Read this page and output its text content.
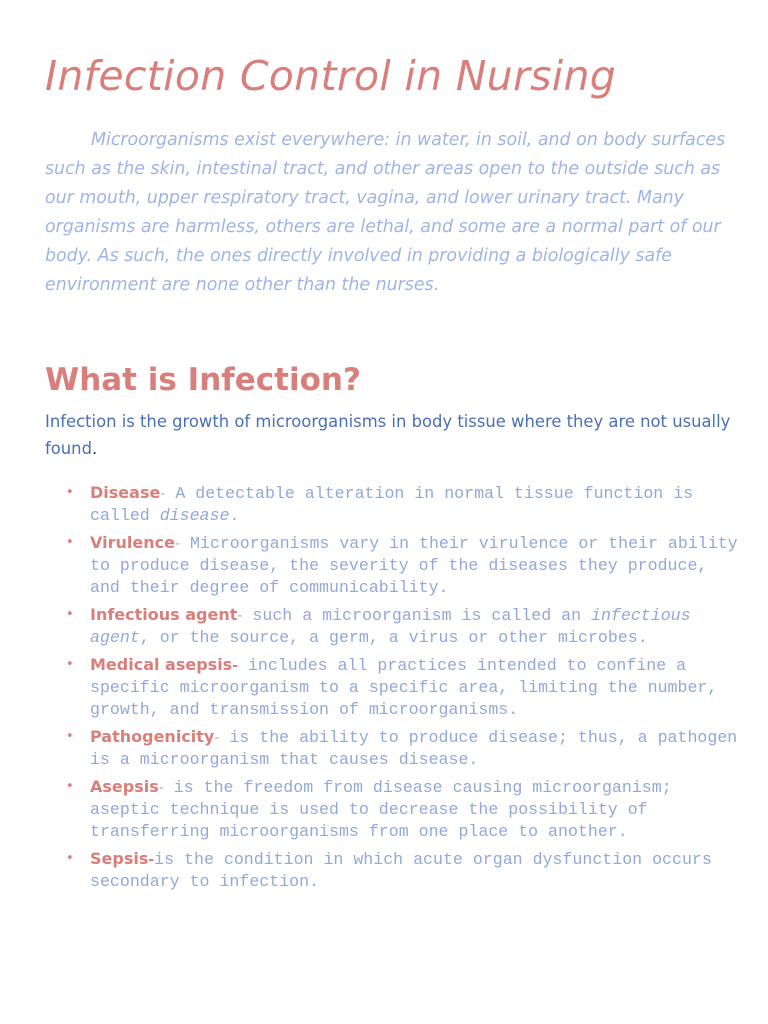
Infection Control in Nursing

Microorganisms exist everywhere: in water, in soil, and on body surfaces such as the skin, intestinal tract, and other areas open to the outside such as our mouth, upper respiratory tract, vagina, and lower urinary tract. Many organisms are harmless, others are lethal, and some are a normal part of our body. As such, the ones directly involved in providing a biologically safe environment are none other than the nurses.

What is Infection?

Infection is the growth of microorganisms in body tissue where they are not usually found.

• Disease- A detectable alteration in normal tissue function is called disease.
• Virulence- Microorganisms vary in their virulence or their ability to produce disease, the severity of the diseases they produce, and their degree of communicability.
• Infectious agent- such a microorganism is called an infectious agent, or the source, a germ, a virus or other microbes.
• Medical asepsis- includes all practices intended to confine a specific microorganism to a specific area, limiting the number, growth, and transmission of microorganisms.
• Pathogenicity- is the ability to produce disease; thus, a pathogen is a microorganism that causes disease.
• Asepsis- is the freedom from disease causing microorganism; aseptic technique is used to decrease the possibility of transferring microorganisms from one place to another.
• Sepsis-is the condition in which acute organ dysfunction occurs secondary to infection.
